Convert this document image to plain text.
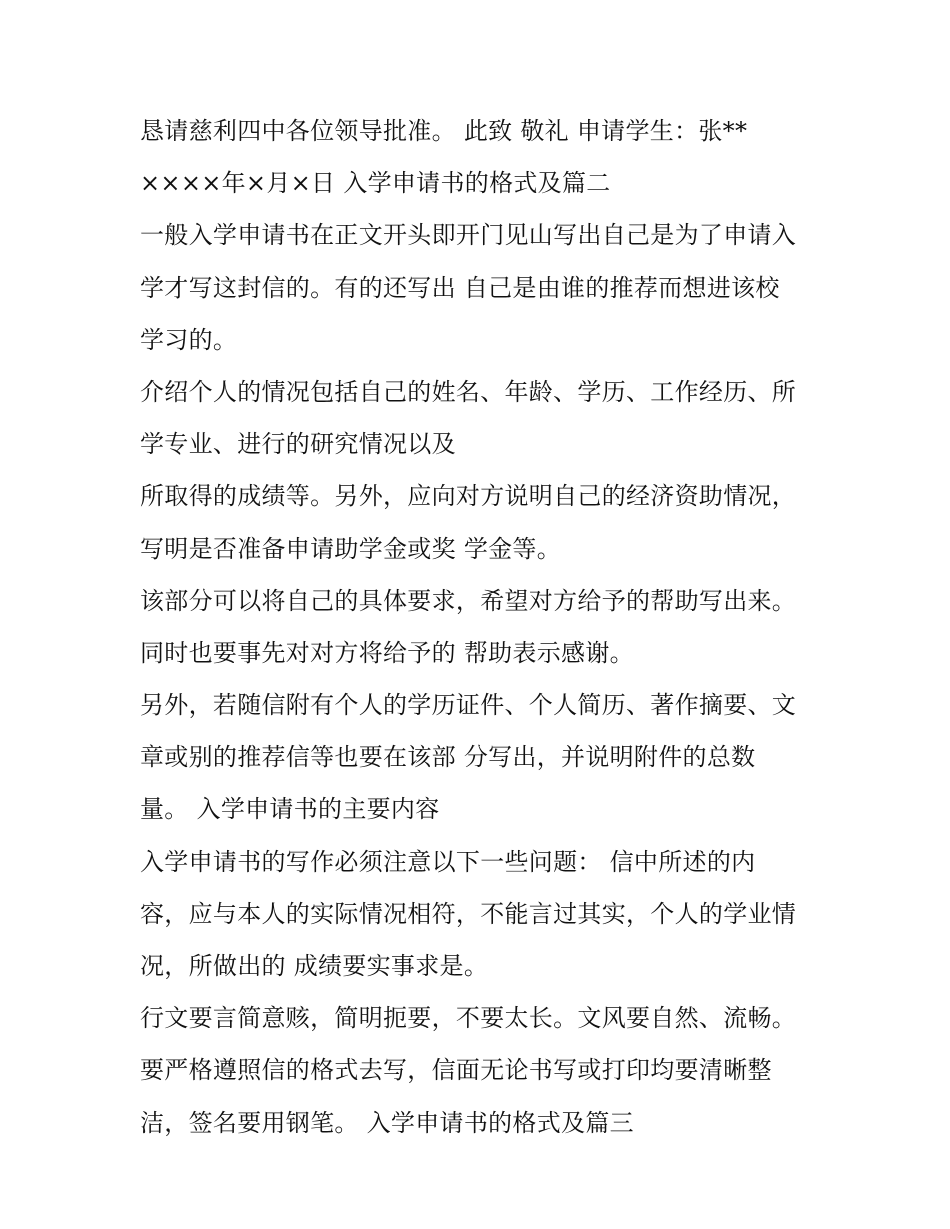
恳请慈利四中各位领导批准。 此致 敬礼 申请学生：张**
××××年×月×日 入学申请书的格式及篇二
一般入学申请书在正文开头即开门见山写出自己是为了申请入
学才写这封信的。有的还写出 自己是由谁的推荐而想进该校
学习的。
介绍个人的情况包括自己的姓名、年龄、学历、工作经历、所
学专业、进行的研究情况以及
所取得的成绩等。另外，应向对方说明自己的经济资助情况，
写明是否准备申请助学金或奖 学金等。
该部分可以将自己的具体要求，希望对方给予的帮助写出来。
同时也要事先对对方将给予的 帮助表示感谢。
另外，若随信附有个人的学历证件、个人简历、著作摘要、文
章或别的推荐信等也要在该部 分写出，并说明附件的总数
量。 入学申请书的主要内容
入学申请书的写作必须注意以下一些问题： 信中所述的内
容，应与本人的实际情况相符，不能言过其实，个人的学业情
况，所做出的 成绩要实事求是。
行文要言简意赅，简明扼要，不要太长。文风要自然、流畅。
要严格遵照信的格式去写，信面无论书写或打印均要清晰整
洁，签名要用钢笔。 入学申请书的格式及篇三
